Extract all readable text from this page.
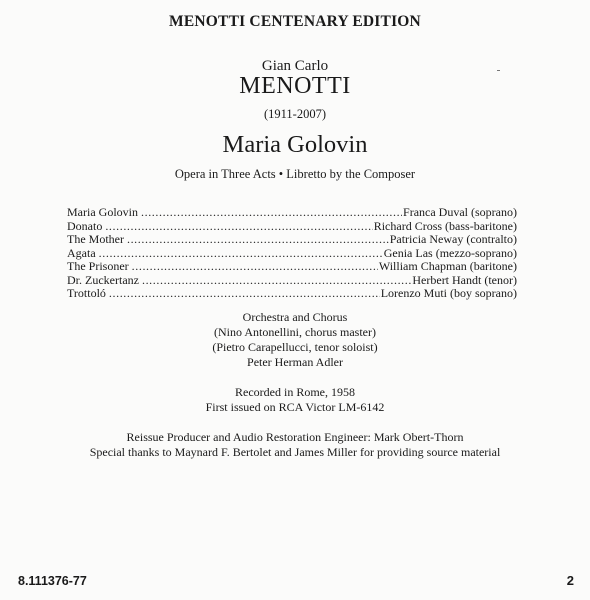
MENOTTI CENTENARY EDITION
Gian Carlo
MENOTTI
(1911-2007)
Maria Golovin
Opera in Three Acts • Libretto by the Composer
Maria Golovin . . .	Franca Duval (soprano)
Donato . . .	Richard Cross (bass-baritone)
The Mother . . .	Patricia Neway (contralto)
Agata . . .	Genia Las (mezzo-soprano)
The Prisoner . . .	William Chapman (baritone)
Dr. Zuckertanz . . .	Herbert Handt (tenor)
Trottoló . . .	Lorenzo Muti (boy soprano)
Orchestra and Chorus
(Nino Antonellini, chorus master)
(Pietro Carapellucci, tenor soloist)
Peter Herman Adler
Recorded in Rome, 1958
First issued on RCA Victor LM-6142
Reissue Producer and Audio Restoration Engineer: Mark Obert-Thorn
Special thanks to Maynard F. Bertolet and James Miller for providing source material
8.111376-77	2
